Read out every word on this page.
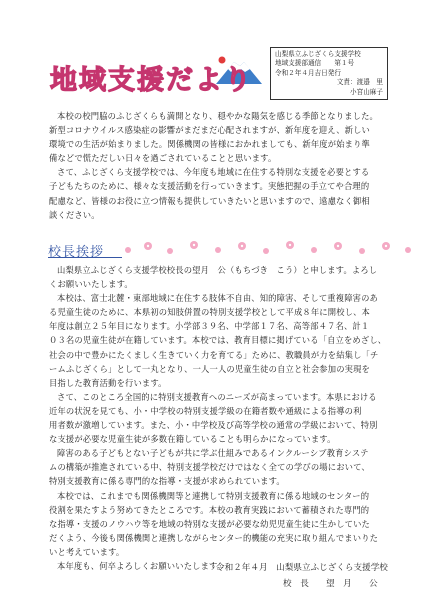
地域支援だより
山梨県立ふじざくら支援学校
地域支援部通信　　第１号
令和２年４月吉日発行
文責：渡邉　里
小宮山麻子
本校の校門脇のふじざくらも満開となり、穏やかな陽気を感じる季節となりました。
新型コロナウイルス感染症の影響がまだまだ心配されますが、新年度を迎え、新しい
環境での生活が始まりました。関係機関の皆様におかれましても、新年度が始まり準
備などで慌ただしい日々を過ごされていることと思います。
さて、ふじざくら支援学校では、今年度も地域に在住する特別な支援を必要とする
子どもたちのために、様々な支援活動を行っていきます。実態把握の手立てや合理的
配慮など、皆様のお役に立つ情報も提供していきたいと思いますので、遠慮なく御相
談ください。
校長挨拶
山梨県立ふじざくら支援学校校長の望月　公（もちづき　こう）と申します。よろし
くお願いいたします。
本校は、富士北麓・東部地域に在住する肢体不自由、知的障害、そして重複障害のあ
る児童生徒のために、本県初の知肢併置の特別支援学校として平成８年に開校し、本
年度は創立２５年目になります。小学部３９名、中学部１７名、高等部４７名、計１
０３名の児童生徒が在籍しています。本校では、教育目標に掲げている「自立をめざし、
社会の中で豊かにたくましく生きていく力を育てる」ために、教職員が力を結集し「チ
ームふじざくら」として一丸となり、一人一人の児童生徒の自立と社会参加の実現を
目指した教育活動を行います。
さて、このところ全国的に特別支援教育へのニーズが高まっています。本県における
近年の状況を見ても、小・中学校の特別支援学級の在籍者数や通級による指導の利
用者数が激増しています。また、小・中学校及び高等学校の通常の学級において、特別
な支援が必要な児童生徒が多数在籍していることも明らかになっています。
障害のある子どもとない子どもが共に学ぶ仕組みであるインクルーシブ教育システ
ムの構築が推進されている中、特別支援学校だけではなく全ての学びの場において、
特別支援教育に係る専門的な指導・支援が求められています。
本校では、これまでも関係機関等と連携して特別支援教育に係る地域のセンター的
役割を果たすよう努めてきたところです。本校の教育実践において蓄積された専門的
な指導・支援のノウハウ等を地域の特別な支援が必要な幼児児童生徒に生かしていた
だくよう、今後も関係機関と連携しながらセンター的機能の充実に取り組んでまいりた
いと考えています。
本年度も、何卒よろしくお願いいたします。
令和２年４月　山梨県立ふじざくら支援学校
校　長　　望　月　　公
